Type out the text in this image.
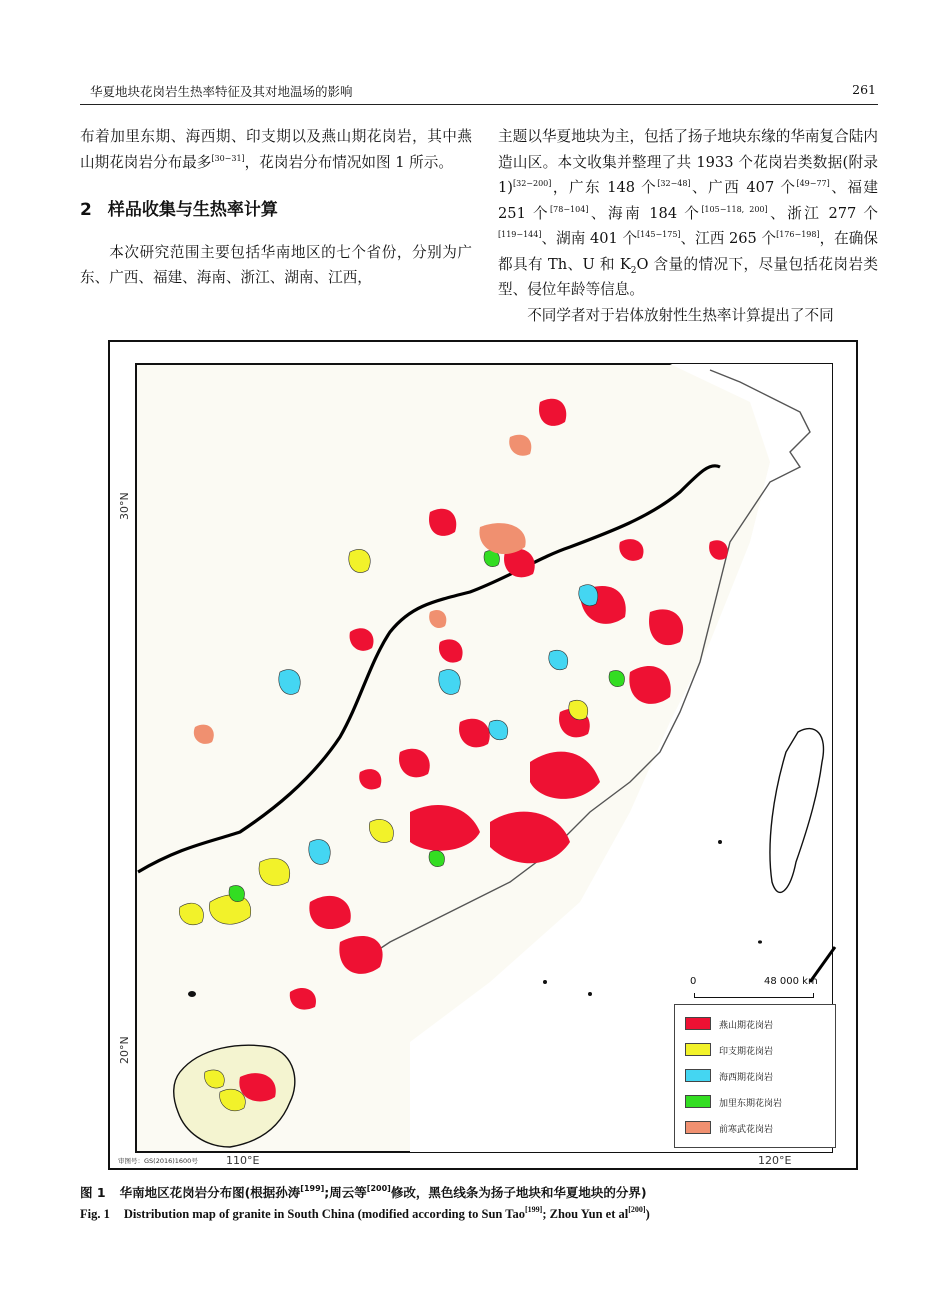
华夏地块花岗岩生热率特征及其对地温场的影响	261

布着加里东期、海西期、印支期以及燕山期花岗岩，其中燕山期花岗岩分布最多[30−31]，花岗岩分布情况如图 1 所示。

2 样品收集与生热率计算

本次研究范围主要包括华南地区的七个省份，分别为广东、广西、福建、海南、浙江、湖南、江西，

主题以华夏地块为主，包括了扬子地块东缘的华南复合陆内造山区。本文收集并整理了共 1933 个花岗岩类数据(附录 1)[32−200]，广东 148 个[32−48]、广西 407 个[49−77]、福建 251 个[78−104]、海南 184 个[105−118, 200]、浙江 277 个[119−144]、湖南 401 个[145−175]、江西 265 个[176−198]，在确保都具有 Th、U 和 $K_2O$ 含量的情况下，尽量包括花岗岩类型、侵位年龄等信息。

不同学者对于岩体放射性生热率计算提出了不同

30°N
20°N
110°E	120°E
审图号：GS(2016)1600号
0	48 000 km
燕山期花岗岩
印支期花岗岩
海西期花岗岩
加里东期花岗岩
前寒武花岗岩
图 1 华南地区花岗岩分布图(根据孙涛[199];周云等[200]修改，黑色线条为扬子地块和华夏地块的分界)
Fig. 1 Distribution map of granite in South China (modified according to Sun Tao[199]; Zhou Yun et al[200])
